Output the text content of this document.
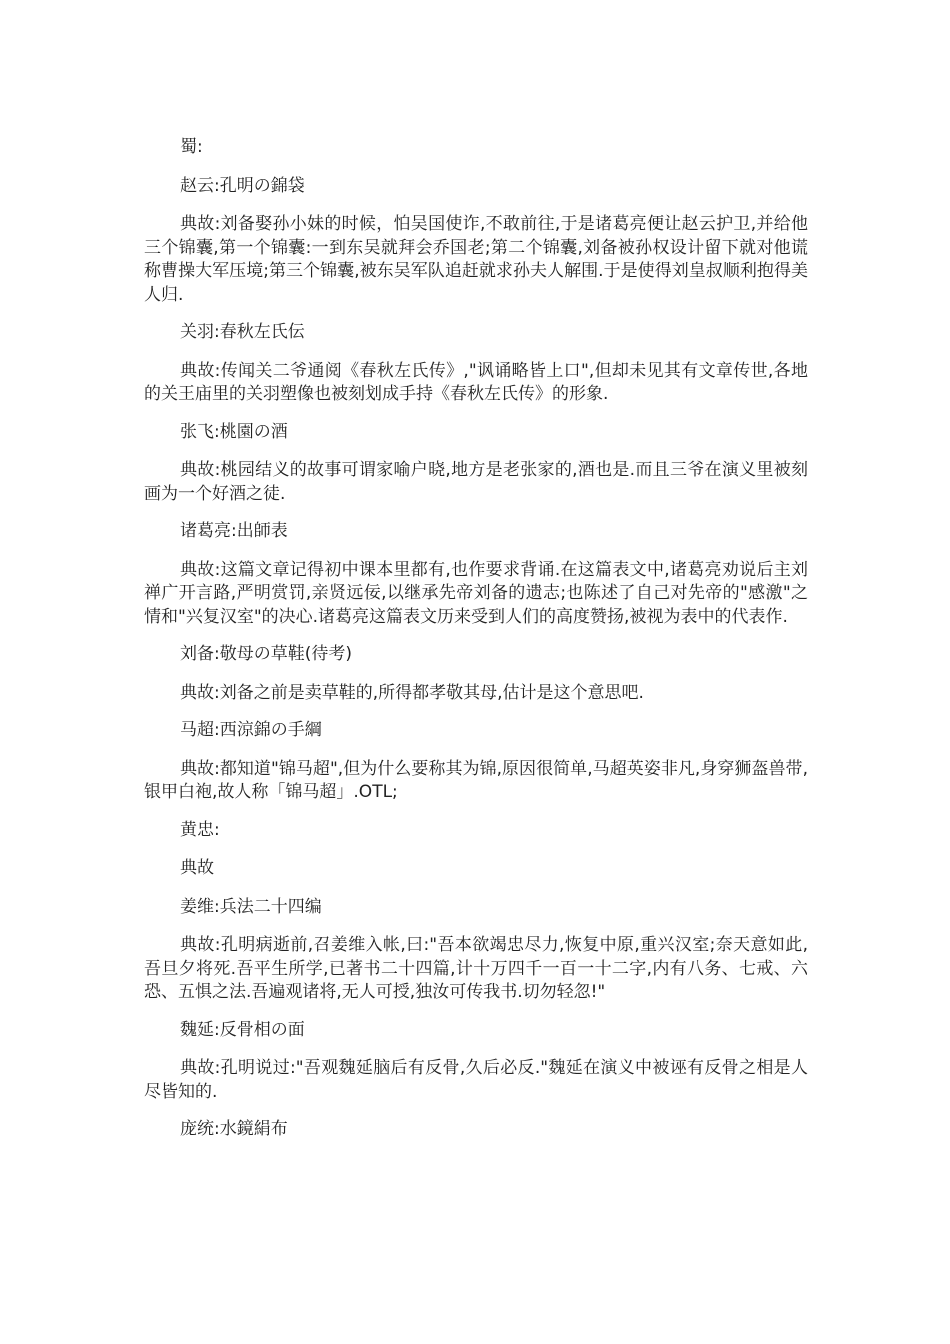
蜀:

赵云:孔明の錦袋

典故:刘备娶孙小妹的时候，怕吴国使诈,不敢前往,于是诸葛亮便让赵云护卫,并给他三个锦囊,第一个锦囊:一到东吴就拜会乔国老;第二个锦囊,刘备被孙权设计留下就对他谎称曹操大军压境;第三个锦囊,被东吴军队追赶就求孙夫人解围.于是使得刘皇叔顺利抱得美人归.

关羽:春秋左氏伝

典故:传闻关二爷通阅《春秋左氏传》,"讽诵略皆上口",但却未见其有文章传世,各地的关王庙里的关羽塑像也被刻划成手持《春秋左氏传》的形象.

张飞:桃園の酒

典故:桃园结义的故事可谓家喻户晓,地方是老张家的,酒也是.而且三爷在演义里被刻画为一个好酒之徒.

诸葛亮:出師表

典故:这篇文章记得初中课本里都有,也作要求背诵.在这篇表文中,诸葛亮劝说后主刘禅广开言路,严明赏罚,亲贤远佞,以继承先帝刘备的遗志;也陈述了自己对先帝的"感激"之情和"兴复汉室"的决心.诸葛亮这篇表文历来受到人们的高度赞扬,被视为表中的代表作.

刘备:敬母の草鞋(待考)

典故:刘备之前是卖草鞋的,所得都孝敬其母,估计是这个意思吧.

马超:西涼錦の手綱

典故:都知道"锦马超",但为什么要称其为锦,原因很简单,马超英姿非凡,身穿狮盔兽带,银甲白袍,故人称「锦马超」.OTL;

黄忠:

典故

姜维:兵法二十四编

典故:孔明病逝前,召姜维入帐,曰:"吾本欲竭忠尽力,恢复中原,重兴汉室;奈天意如此,吾旦夕将死.吾平生所学,已著书二十四篇,计十万四千一百一十二字,内有八务、七戒、六恐、五惧之法.吾遍观诸将,无人可授,独汝可传我书.切勿轻忽!"

魏延:反骨相の面

典故:孔明说过:"吾观魏延脑后有反骨,久后必反."魏延在演义中被诬有反骨之相是人尽皆知的.

庞统:水鏡絹布
